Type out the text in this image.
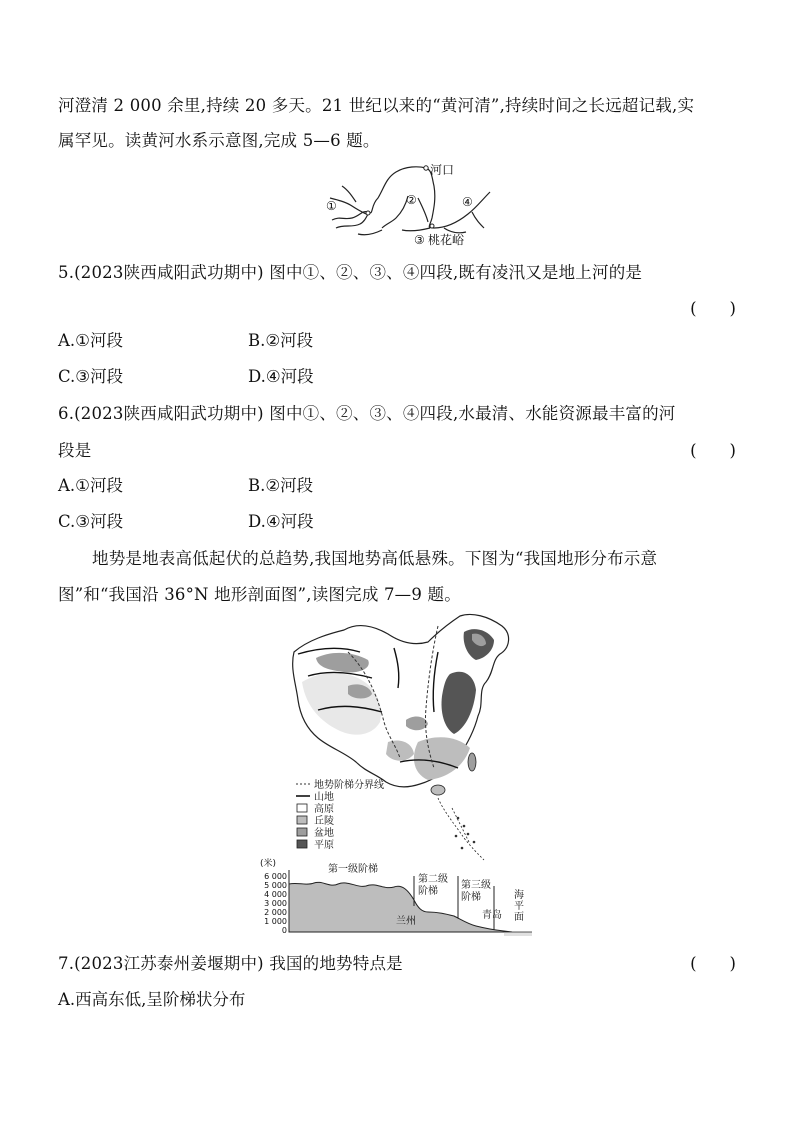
河澄清 2 000 余里,持续 20 多天。21 世纪以来的“黄河清”,持续时间之长远超记载,实
属罕见。读黄河水系示意图,完成 5—6 题。
河口
①	②
③ 桃花峪
④
5.(2023陕西咸阳武功期中) 图中①、②、③、④四段,既有凌汛又是地上河的是
(　　)
A.①河段	B.②河段
C.③河段	D.④河段
6.(2023陕西咸阳武功期中) 图中①、②、③、④四段,水最清、水能资源最丰富的河
段是	(　　)
A.①河段	B.②河段
C.③河段	D.④河段
地势是地表高低起伏的总趋势,我国地势高低悬殊。下图为“我国地形分布示意
图”和“我国沿 36°N 地形剖面图”,读图完成 7—9 题。
地势阶梯分界线
山地
高原
丘陵
盆地
平原
(米)
6 000
5 000
4 000
3 000
2 000
1 000
0
第一级阶梯
第二级
阶梯
第三级
阶梯
兰州
青岛
海
平
面
7.(2023江苏泰州姜堰期中) 我国的地势特点是	(　　)
A.西高东低,呈阶梯状分布
